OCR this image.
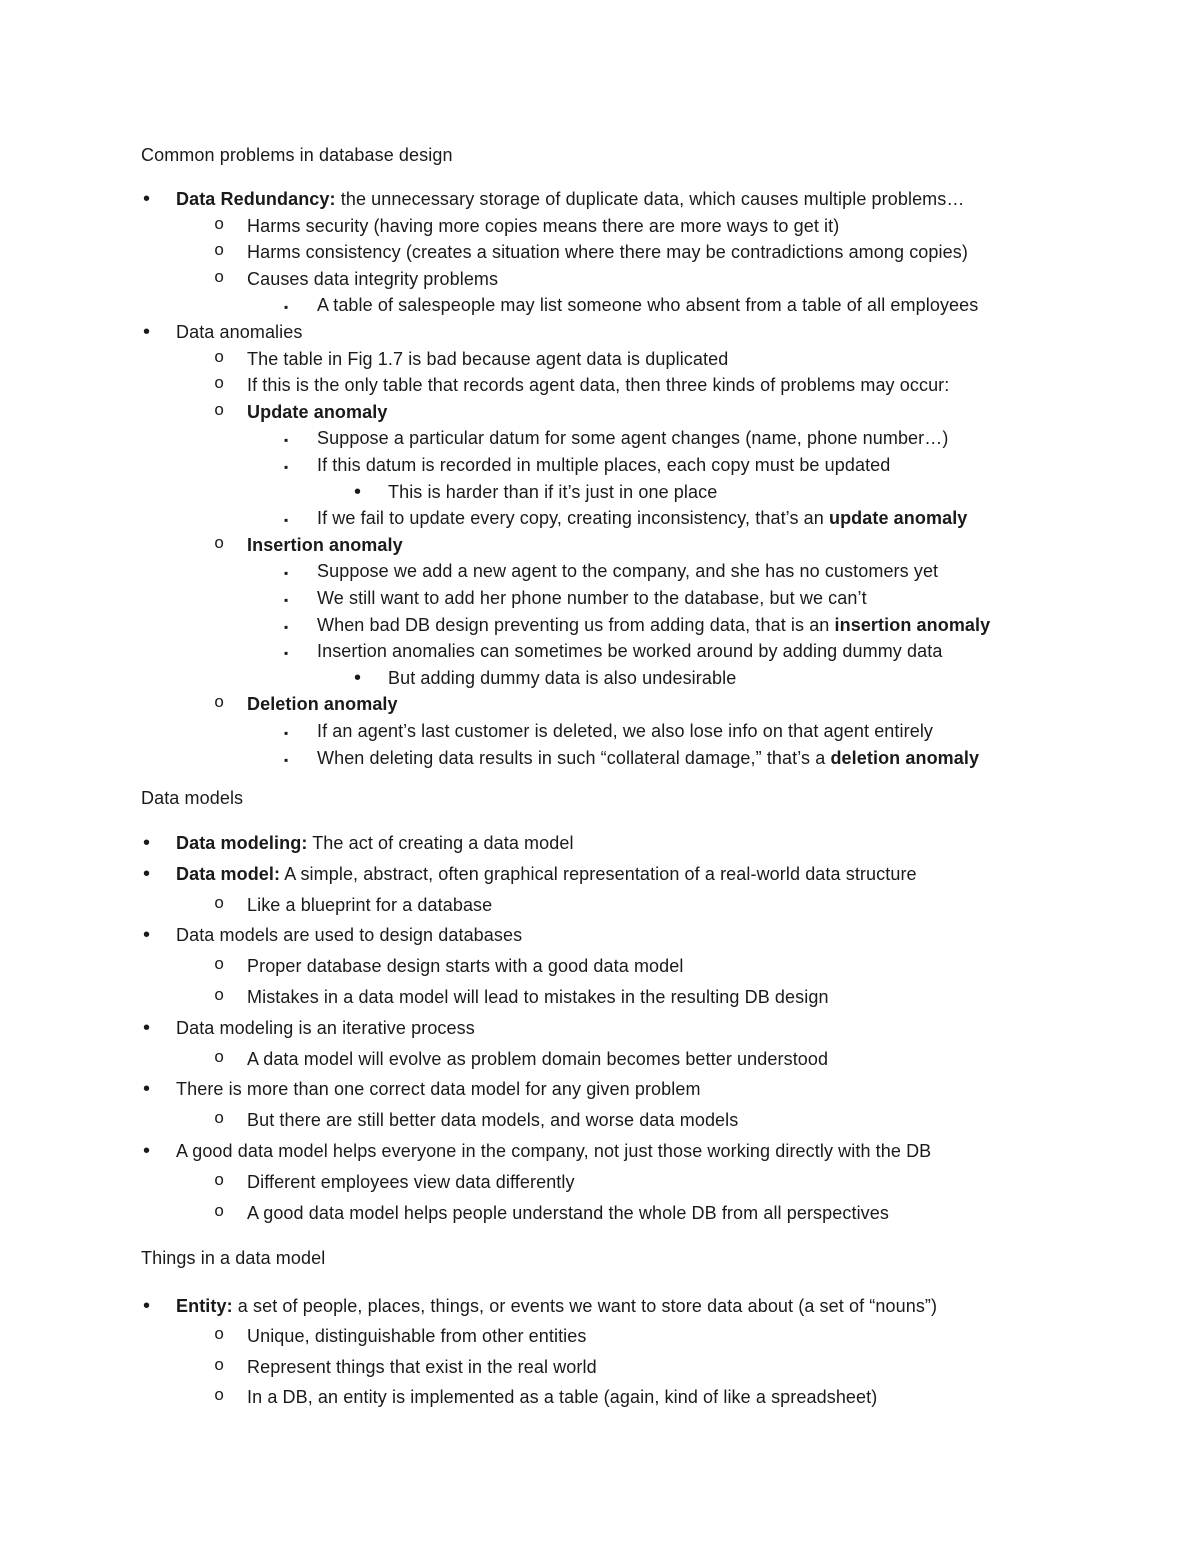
Common problems in database design
• Data Redundancy: the unnecessary storage of duplicate data, which causes multiple problems…
o Harms security (having more copies means there are more ways to get it)
o Harms consistency (creates a situation where there may be contradictions among copies)
o Causes data integrity problems
▪ A table of salespeople may list someone who absent from a table of all employees
• Data anomalies
o The table in Fig 1.7 is bad because agent data is duplicated
o If this is the only table that records agent data, then three kinds of problems may occur:
o Update anomaly
▪ Suppose a particular datum for some agent changes (name, phone number…)
▪ If this datum is recorded in multiple places, each copy must be updated
• This is harder than if it’s just in one place
▪ If we fail to update every copy, creating inconsistency, that’s an update anomaly
o Insertion anomaly
▪ Suppose we add a new agent to the company, and she has no customers yet
▪ We still want to add her phone number to the database, but we can’t
▪ When bad DB design preventing us from adding data, that is an insertion anomaly
▪ Insertion anomalies can sometimes be worked around by adding dummy data
• But adding dummy data is also undesirable
o Deletion anomaly
▪ If an agent’s last customer is deleted, we also lose info on that agent entirely
▪ When deleting data results in such “collateral damage,” that’s a deletion anomaly
Data models
• Data modeling: The act of creating a data model
• Data model: A simple, abstract, often graphical representation of a real-world data structure
o Like a blueprint for a database
• Data models are used to design databases
o Proper database design starts with a good data model
o Mistakes in a data model will lead to mistakes in the resulting DB design
• Data modeling is an iterative process
o A data model will evolve as problem domain becomes better understood
• There is more than one correct data model for any given problem
o But there are still better data models, and worse data models
• A good data model helps everyone in the company, not just those working directly with the DB
o Different employees view data differently
o A good data model helps people understand the whole DB from all perspectives
Things in a data model
• Entity: a set of people, places, things, or events we want to store data about (a set of “nouns”)
o Unique, distinguishable from other entities
o Represent things that exist in the real world
o In a DB, an entity is implemented as a table (again, kind of like a spreadsheet)
